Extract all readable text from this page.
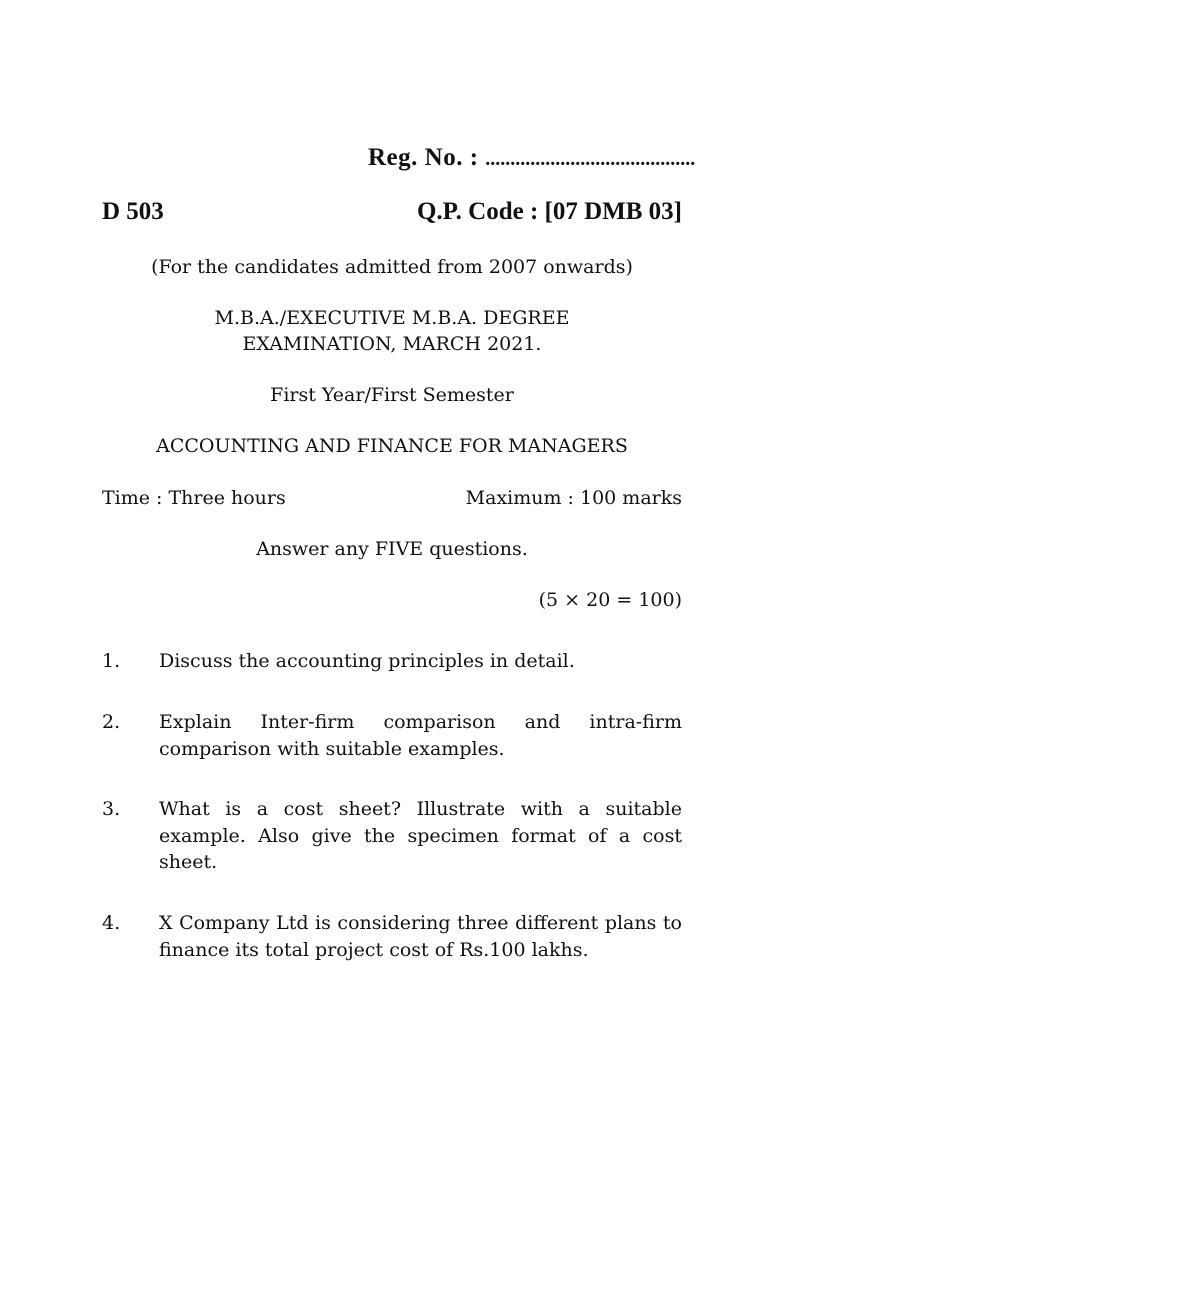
Reg. No. : ..........................................
D 503	Q.P. Code : [07 DMB 03]
(For the candidates admitted from 2007 onwards)
M.B.A./EXECUTIVE M.B.A. DEGREE
EXAMINATION, MARCH 2021.
First Year/First Semester
ACCOUNTING AND FINANCE FOR MANAGERS
Time : Three hours	Maximum : 100 marks
Answer any FIVE questions.
(5 × 20 = 100)
1. Discuss the accounting principles in detail.
2. Explain Inter-firm comparison and intra-firm comparison with suitable examples.
3. What is a cost sheet? Illustrate with a suitable example. Also give the specimen format of a cost sheet.
4. X Company Ltd is considering three different plans to finance its total project cost of Rs.100 lakhs.
